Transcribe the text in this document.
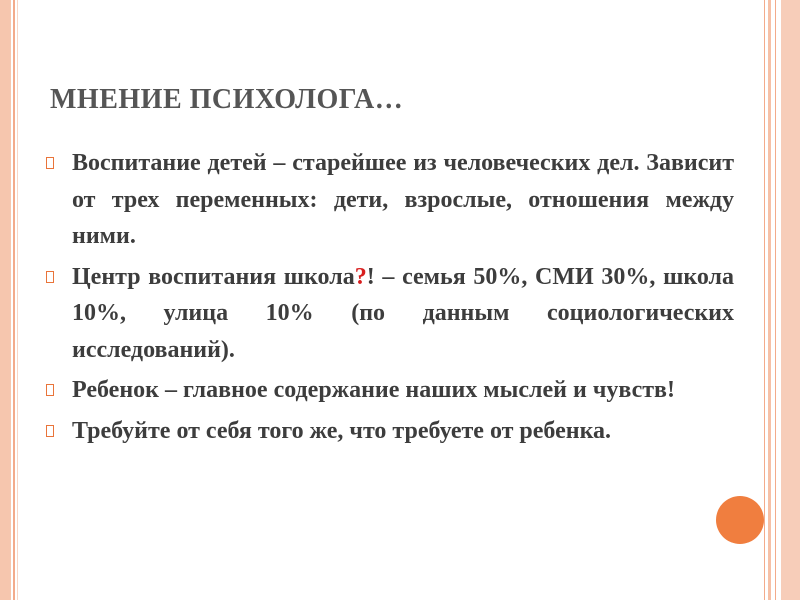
МНЕНИЕ ПСИХОЛОГА…
Воспитание детей – старейшее из человеческих дел. Зависит от трех переменных: дети, взрослые, отношения между ними.
Центр воспитания школа?! – семья 50%, СМИ 30%, школа 10%, улица 10% (по данным социологических исследований).
Ребенок – главное содержание наших мыслей и чувств!
Требуйте от себя того же, что требуете от ребенка.
